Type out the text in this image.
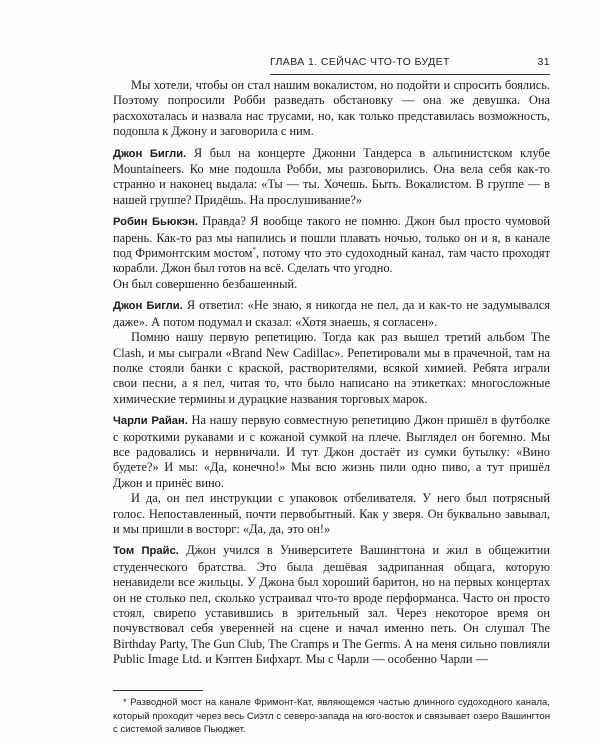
ГЛАВА 1. СЕЙЧАС ЧТО-ТО БУДЕТ	31

Мы хотели, чтобы он стал нашим вокалистом, но подойти и спросить боялись. Поэтому попросили Робби разведать обстановку — она же девушка. Она расхохоталась и назвала нас трусами, но, как только представилась возможность, подошла к Джону и заговорила с ним.

Джон Бигли. Я был на концерте Джонни Тандерса в альпинистском клубе Mountaineers. Ко мне подошла Робби, мы разговорились. Она вела себя как-то странно и наконец выдала: «Ты — ты. Хочешь. Быть. Вокалистом. В группе — в нашей группе? Придёшь. На прослушивание?»

Робин Бьюкэн. Правда? Я вообще такого не помню. Джон был просто чумовой парень. Как-то раз мы напились и пошли плавать ночью, только он и я, в канале под Фримонтским мостом*, потому что это судоходный канал, там часто проходят корабли. Джон был готов на всё. Сделать что угодно.

Он был совершенно безбашенный.

Джон Бигли. Я ответил: «Не знаю, я никогда не пел, да и как-то не задумывался даже». А потом подумал и сказал: «Хотя знаешь, я согласен».

Помню нашу первую репетицию. Тогда как раз вышел третий альбом The Clash, и мы сыграли «Brand New Cadillac». Репетировали мы в прачечной, там на полке стояли банки с краской, растворителями, всякой химией. Ребята играли свои песни, а я пел, читая то, что было написано на этикетках: многосложные химические термины и дурацкие названия торговых марок.

Чарли Райан. На нашу первую совместную репетицию Джон пришёл в футболке с короткими рукавами и с кожаной сумкой на плече. Выглядел он богемно. Мы все радовались и нервничали. И тут Джон достаёт из сумки бутылку: «Вино будете?» И мы: «Да, конечно!» Мы всю жизнь пили одно пиво, а тут пришёл Джон и принёс вино.

И да, он пел инструкции с упаковок отбеливателя. У него был потрясный голос. Непоставленный, почти первобытный. Как у зверя. Он буквально завывал, и мы пришли в восторг: «Да, да, это он!»

Том Прайс. Джон учился в Университете Вашингтона и жил в общежитии студенческого братства. Это была дешёвая задрипанная общага, которую ненавидели все жильцы. У Джона был хороший баритон, но на первых концертах он не столько пел, сколько устраивал что-то вроде перформанса. Часто он просто стоял, свирепо уставившись в зрительный зал. Через некоторое время он почувствовал себя уверенней на сцене и начал именно петь. Он слушал The Birthday Party, The Gun Club, The Cramps и The Germs. А на меня сильно повлияли Public Image Ltd. и Кэптен Бифхарт. Мы с Чарли — особенно Чарли —

* Разводной мост на канале Фримонт-Кат, являющемся частью длинного судоходного канала, который проходит через весь Сиэтл с северо-запада на юго-восток и связывает озеро Вашингтон с системой заливов Пьюджет.
